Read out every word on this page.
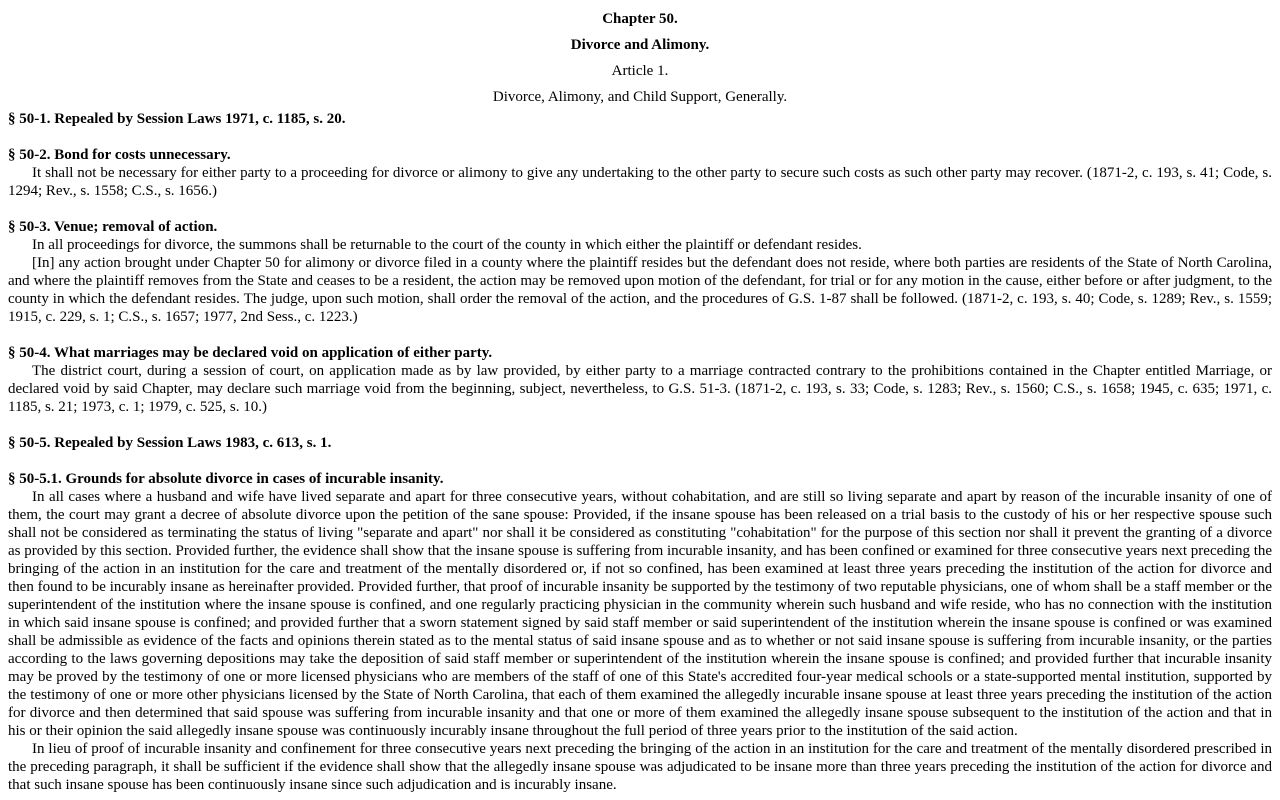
Chapter 50.
Divorce and Alimony.
Article 1.
Divorce, Alimony, and Child Support, Generally.
§ 50-1. Repealed by Session Laws 1971, c. 1185, s. 20.
§ 50-2. Bond for costs unnecessary.
It shall not be necessary for either party to a proceeding for divorce or alimony to give any undertaking to the other party to secure such costs as such other party may recover. (1871-2, c. 193, s. 41; Code, s. 1294; Rev., s. 1558; C.S., s. 1656.)
§ 50-3. Venue; removal of action.
In all proceedings for divorce, the summons shall be returnable to the court of the county in which either the plaintiff or defendant resides.
[In] any action brought under Chapter 50 for alimony or divorce filed in a county where the plaintiff resides but the defendant does not reside, where both parties are residents of the State of North Carolina, and where the plaintiff removes from the State and ceases to be a resident, the action may be removed upon motion of the defendant, for trial or for any motion in the cause, either before or after judgment, to the county in which the defendant resides. The judge, upon such motion, shall order the removal of the action, and the procedures of G.S. 1-87 shall be followed. (1871-2, c. 193, s. 40; Code, s. 1289; Rev., s. 1559; 1915, c. 229, s. 1; C.S., s. 1657; 1977, 2nd Sess., c. 1223.)
§ 50-4. What marriages may be declared void on application of either party.
The district court, during a session of court, on application made as by law provided, by either party to a marriage contracted contrary to the prohibitions contained in the Chapter entitled Marriage, or declared void by said Chapter, may declare such marriage void from the beginning, subject, nevertheless, to G.S. 51-3. (1871-2, c. 193, s. 33; Code, s. 1283; Rev., s. 1560; C.S., s. 1658; 1945, c. 635; 1971, c. 1185, s. 21; 1973, c. 1; 1979, c. 525, s. 10.)
§ 50-5. Repealed by Session Laws 1983, c. 613, s. 1.
§ 50-5.1. Grounds for absolute divorce in cases of incurable insanity.
In all cases where a husband and wife have lived separate and apart for three consecutive years, without cohabitation, and are still so living separate and apart by reason of the incurable insanity of one of them, the court may grant a decree of absolute divorce upon the petition of the sane spouse: Provided, if the insane spouse has been released on a trial basis to the custody of his or her respective spouse such shall not be considered as terminating the status of living "separate and apart" nor shall it be considered as constituting "cohabitation" for the purpose of this section nor shall it prevent the granting of a divorce as provided by this section. Provided further, the evidence shall show that the insane spouse is suffering from incurable insanity, and has been confined or examined for three consecutive years next preceding the bringing of the action in an institution for the care and treatment of the mentally disordered or, if not so confined, has been examined at least three years preceding the institution of the action for divorce and then found to be incurably insane as hereinafter provided. Provided further, that proof of incurable insanity be supported by the testimony of two reputable physicians, one of whom shall be a staff member or the superintendent of the institution where the insane spouse is confined, and one regularly practicing physician in the community wherein such husband and wife reside, who has no connection with the institution in which said insane spouse is confined; and provided further that a sworn statement signed by said staff member or said superintendent of the institution wherein the insane spouse is confined or was examined shall be admissible as evidence of the facts and opinions therein stated as to the mental status of said insane spouse and as to whether or not said insane spouse is suffering from incurable insanity, or the parties according to the laws governing depositions may take the deposition of said staff member or superintendent of the institution wherein the insane spouse is confined; and provided further that incurable insanity may be proved by the testimony of one or more licensed physicians who are members of the staff of one of this State's accredited four-year medical schools or a state-supported mental institution, supported by the testimony of one or more other physicians licensed by the State of North Carolina, that each of them examined the allegedly incurable insane spouse at least three years preceding the institution of the action for divorce and then determined that said spouse was suffering from incurable insanity and that one or more of them examined the allegedly insane spouse subsequent to the institution of the action and that in his or their opinion the said allegedly insane spouse was continuously incurably insane throughout the full period of three years prior to the institution of the said action.
In lieu of proof of incurable insanity and confinement for three consecutive years next preceding the bringing of the action in an institution for the care and treatment of the mentally disordered prescribed in the preceding paragraph, it shall be sufficient if the evidence shall show that the allegedly insane spouse was adjudicated to be insane more than three years preceding the institution of the action for divorce and that such insane spouse has been continuously insane since such adjudication and is incurably insane.
